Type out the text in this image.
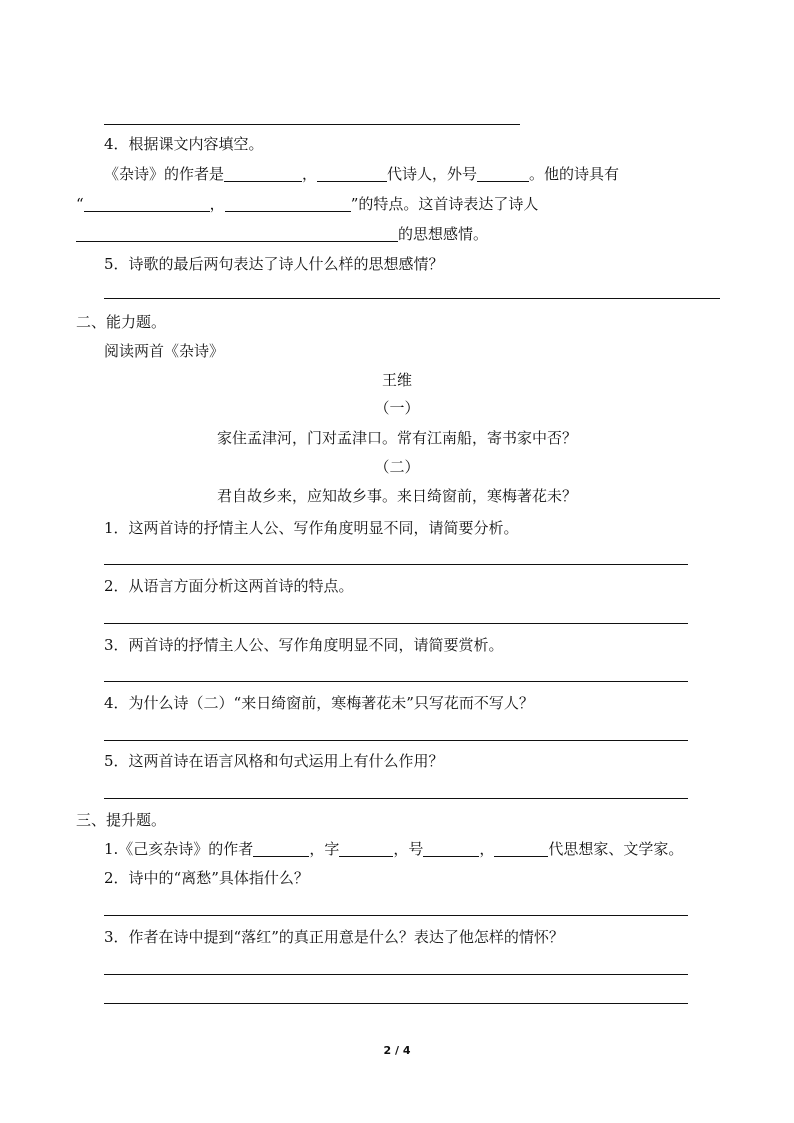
4．根据课文内容填空。
《杂诗》的作者是	，	代诗人，外号	。他的诗具有
“	，	”的特点。这首诗表达了诗人
的思想感情。
5．诗歌的最后两句表达了诗人什么样的思想感情？
二、能力题。
阅读两首《杂诗》
王维
（一）
家住孟津河，门对孟津口。常有江南船，寄书家中否？
（二）
君自故乡来，应知故乡事。来日绮窗前，寒梅著花未？
1．这两首诗的抒情主人公、写作角度明显不同，请简要分析。
2．从语言方面分析这两首诗的特点。
3．两首诗的抒情主人公、写作角度明显不同，请简要赏析。
4．为什么诗（二）“来日绮窗前，寒梅著花未”只写花而不写人？
5．这两首诗在语言风格和句式运用上有什么作用？
三、提升题。
1.《己亥杂诗》的作者	，字	，号	，	代思想家、文学家。
2．诗中的“离愁”具体指什么？
3．作者在诗中提到“落红”的真正用意是什么？表达了他怎样的情怀？
2 / 4
